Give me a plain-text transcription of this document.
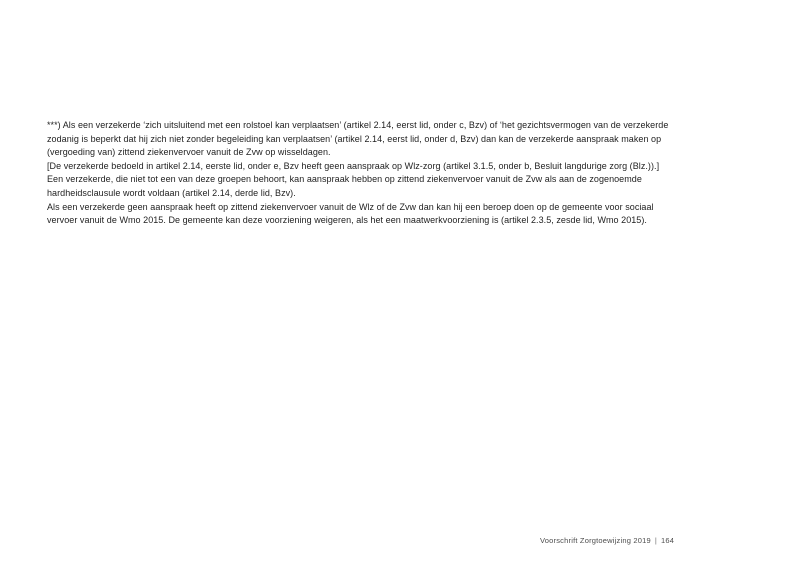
***) Als een verzekerde ‘zich uitsluitend met een rolstoel kan verplaatsen’ (artikel 2.14, eerst lid, onder c, Bzv) of ‘het gezichtsvermogen van de verzekerde
zodanig is beperkt dat hij zich niet zonder begeleiding kan verplaatsen’ (artikel 2.14, eerst lid, onder d, Bzv) dan kan de verzekerde aanspraak maken op
(vergoeding van) zittend ziekenvervoer vanuit de Zvw op wisseldagen.
[De verzekerde bedoeld in artikel 2.14, eerste lid, onder e, Bzv heeft geen aanspraak op Wlz-zorg (artikel 3.1.5, onder b, Besluit langdurige zorg (Blz.)).]
Een verzekerde, die niet tot een van deze groepen behoort, kan aanspraak hebben op zittend ziekenvervoer vanuit de Zvw als aan de zogenoemde
hardheidsclausule wordt voldaan (artikel 2.14, derde lid, Bzv).
Als een verzekerde geen aanspraak heeft op zittend ziekenvervoer vanuit de Wlz of de Zvw dan kan hij een beroep doen op de gemeente voor sociaal
vervoer vanuit de Wmo 2015. De gemeente kan deze voorziening weigeren, als het een maatwerkvoorziening is (artikel 2.3.5, zesde lid, Wmo 2015).
Voorschrift Zorgtoewijzing 2019 | 164
